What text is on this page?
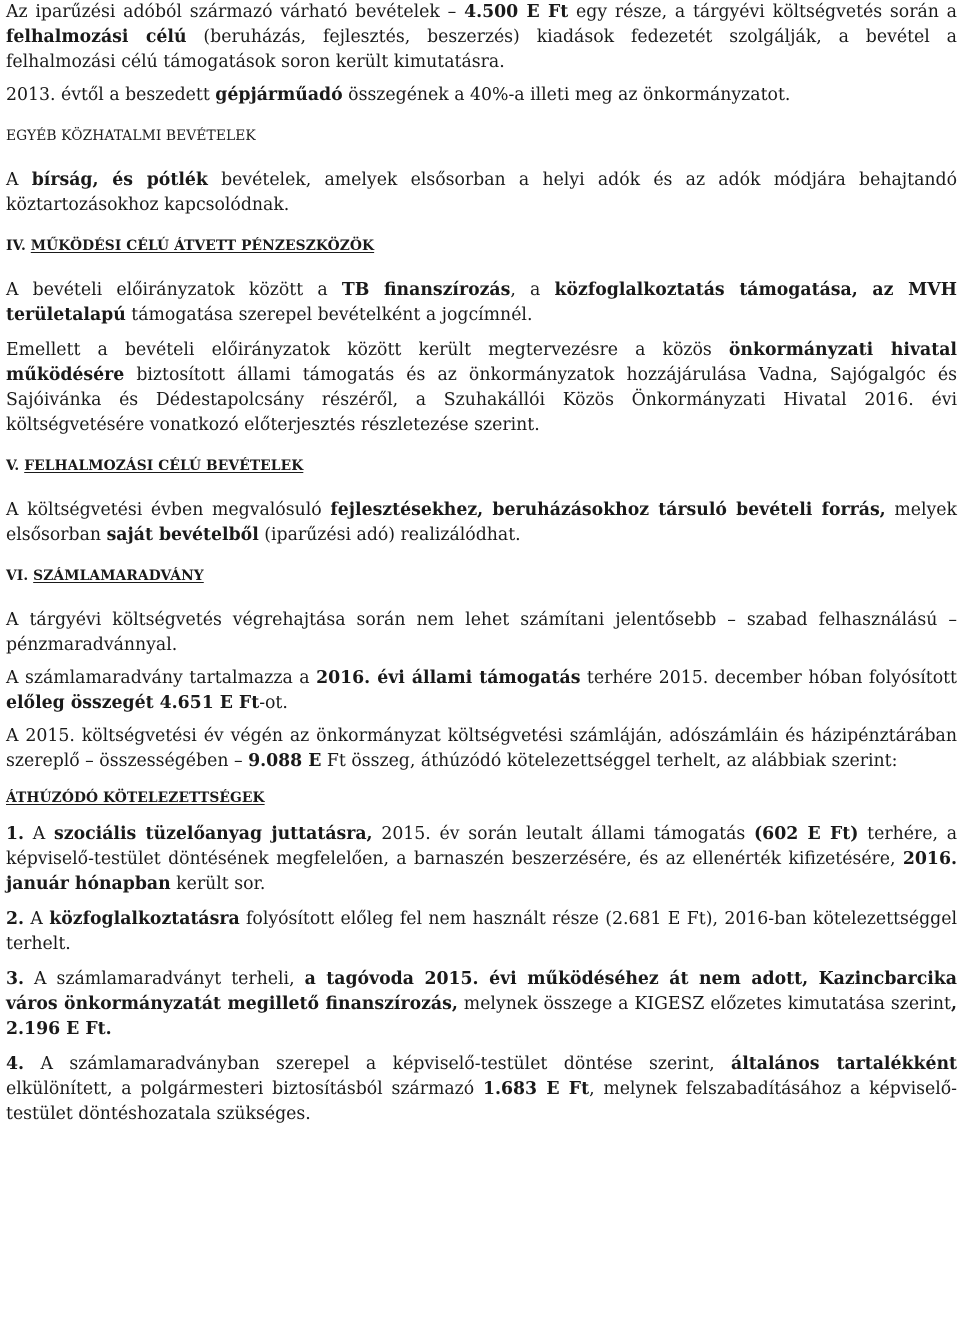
Az iparűzési adóból származó várható bevételek – 4.500 E Ft egy része, a tárgyévi költségvetés során a felhalmozási célú (beruházás, fejlesztés, beszerzés) kiadások fedezetét szolgálják, a bevétel a felhalmozási célú támogatások soron került kimutatásra.

2013. évtől a beszedett gépjárműadó összegének a 40%-a illeti meg az önkormányzatot.

EGYÉB KÖZHATALMI BEVÉTELEK

A bírság, és pótlék bevételek, amelyek elsősorban a helyi adók és az adók módjára behajtandó köztartozásokhoz kapcsolódnak.

IV. MŰKÖDÉSI CÉLÚ ÁTVETT PÉNZESZKÖZÖK

A bevételi előirányzatok között a TB finanszírozás, a közfoglalkoztatás támogatása, az MVH területalapú támogatása szerepel bevételként a jogcímnél.

Emellett a bevételi előirányzatok között került megtervezésre a közös önkormányzati hivatal működésére biztosított állami támogatás és az önkormányzatok hozzájárulása Vadna, Sajógalgóc és Sajóivánka és Dédestapolcsány részéről, a Szuhakállói Közös Önkormányzati Hivatal 2016. évi költségvetésére vonatkozó előterjesztés részletezése szerint.

V. FELHALMOZÁSI CÉLÚ BEVÉTELEK

A költségvetési évben megvalósuló fejlesztésekhez, beruházásokhoz társuló bevételi forrás, melyek elsősorban saját bevételből (iparűzési adó) realizálódhat.

VI. SZÁMLAMARADVÁNY

A tárgyévi költségvetés végrehajtása során nem lehet számítani jelentősebb – szabad felhasználású – pénzmaradvánnyal.

A számlamaradvány tartalmazza a 2016. évi állami támogatás terhére 2015. december hóban folyósított előleg összegét 4.651 E Ft-ot.

A 2015. költségvetési év végén az önkormányzat költségvetési számláján, adószámláin és házipénztárában szereplő – összességében – 9.088 E Ft összeg, áthúzódó kötelezettséggel terhelt, az alábbiak szerint:

ÁTHÚZÓDÓ KÖTELEZETTSÉGEK

1. A szociális tüzelőanyag juttatásra, 2015. év során leutalt állami támogatás (602 E Ft) terhére, a képviselő-testület döntésének megfelelően, a barnaszén beszerzésére, és az ellenérték kifizetésére, 2016. január hónapban került sor.

2. A közfoglalkoztatásra folyósított előleg fel nem használt része (2.681 E Ft), 2016-ban kötelezettséggel terhelt.

3. A számlamaradványt terheli, a tagóvoda 2015. évi működéséhez át nem adott, Kazincbarcika város önkormányzatát megillető finanszírozás, melynek összege a KIGESZ előzetes kimutatása szerint, 2.196 E Ft.

4. A számlamaradványban szerepel a képviselő-testület döntése szerint, általános tartalékként elkülönített, a polgármesteri biztosításból származó 1.683 E Ft, melynek felszabadításához a képviselő-testület döntéshozatala szükséges.
